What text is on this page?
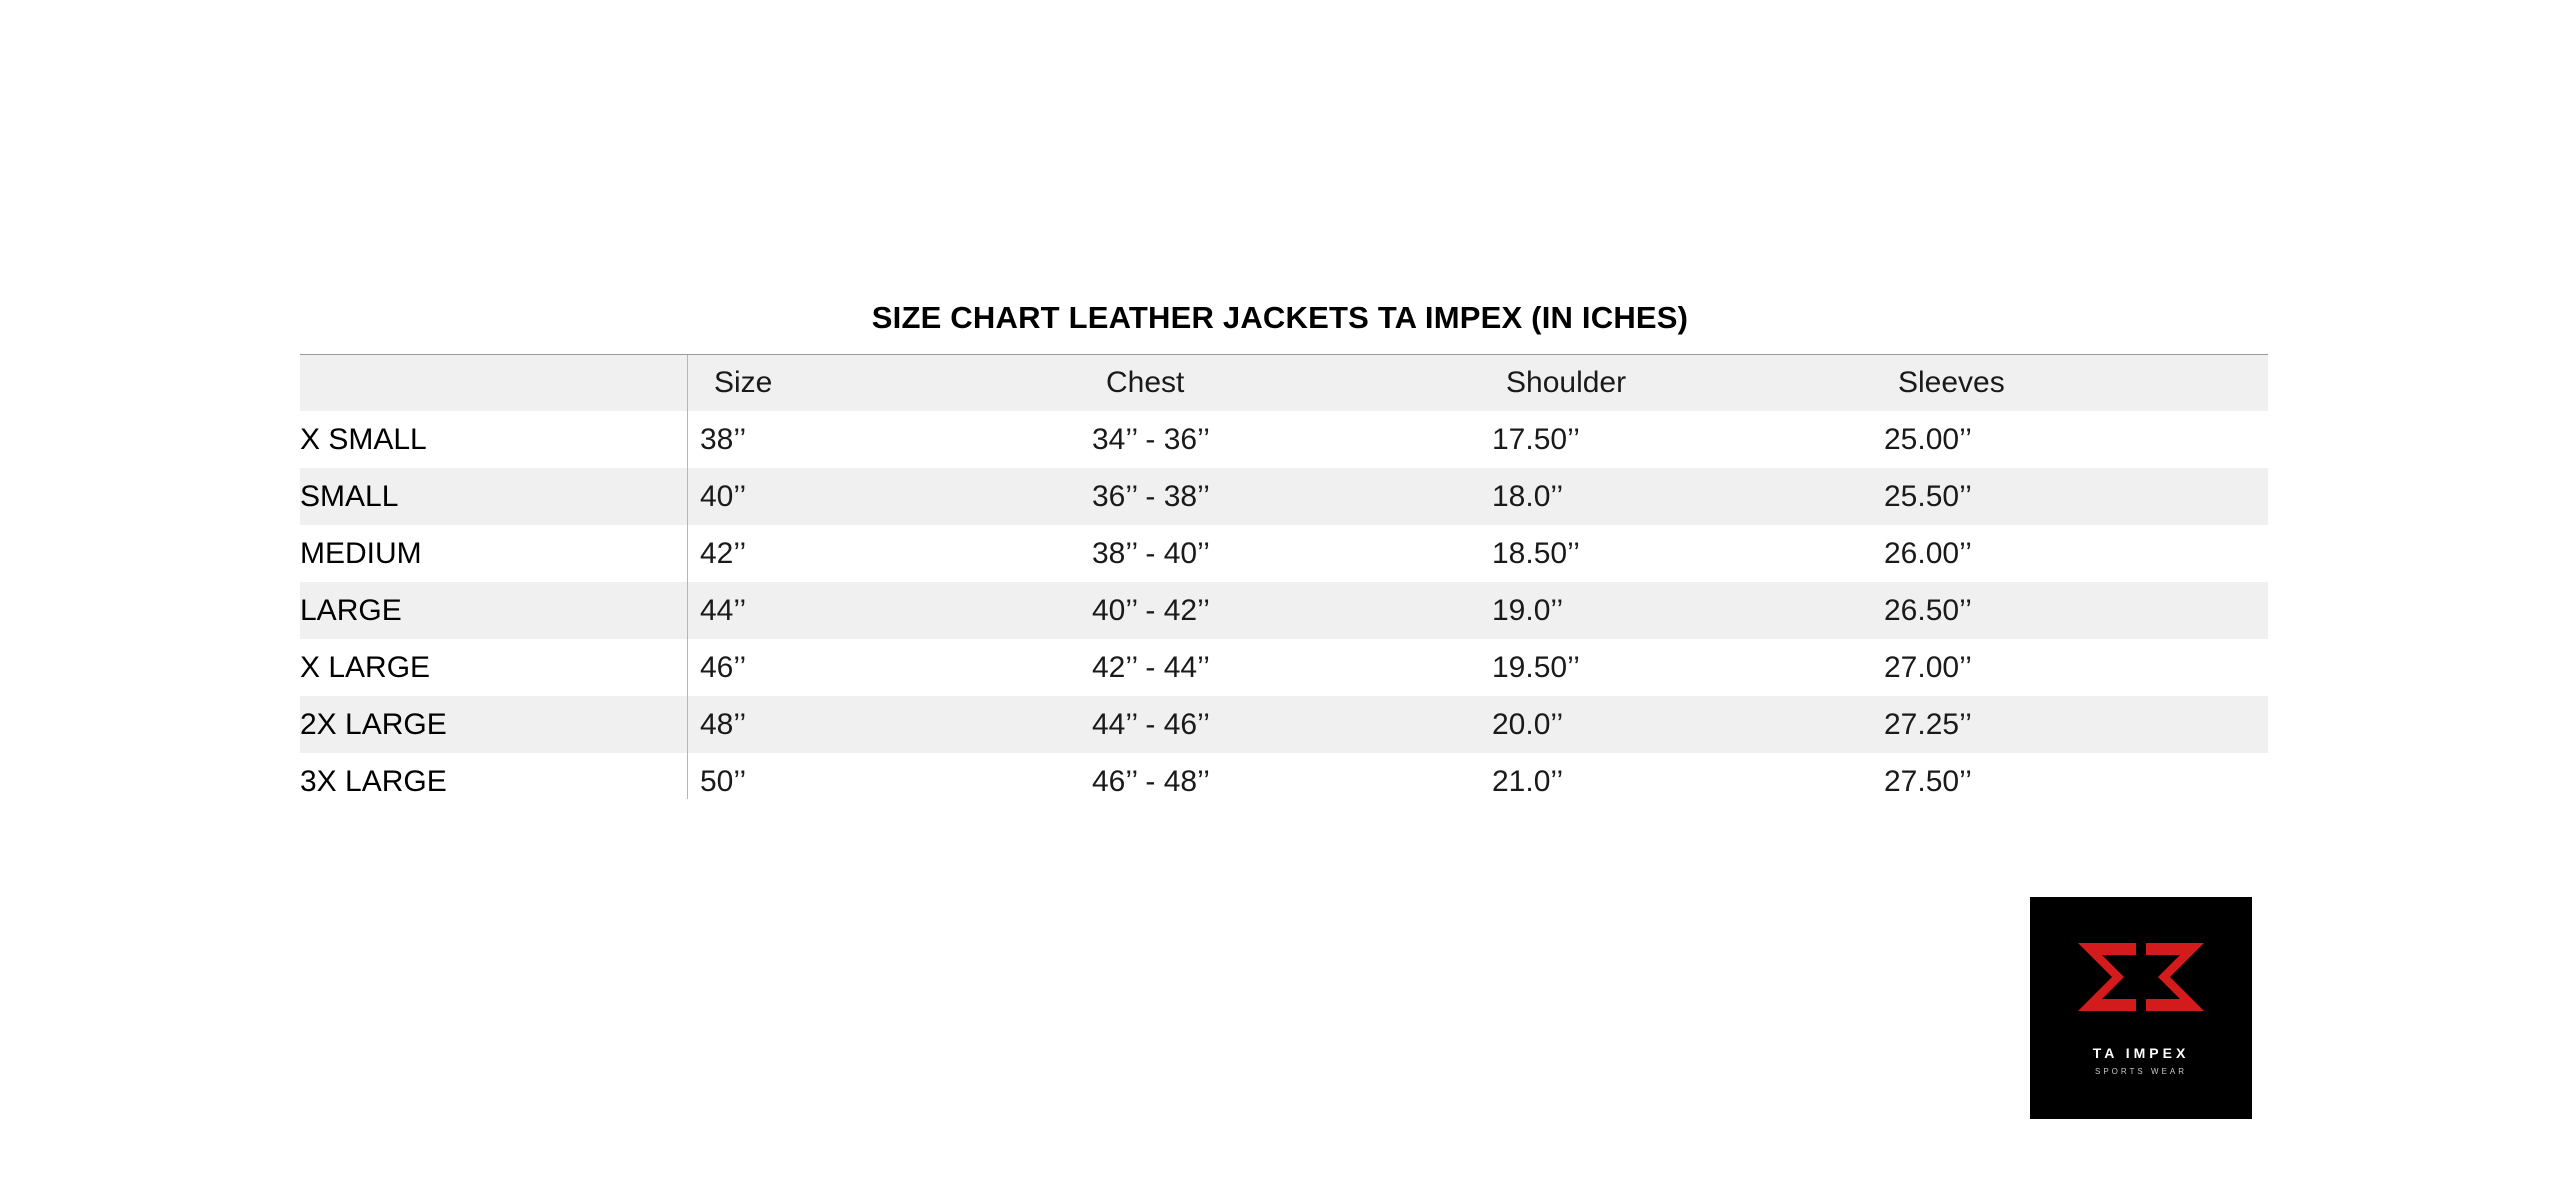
SIZE CHART LEATHER JACKETS TA IMPEX (IN ICHES)
	Size	Chest	Shoulder	Sleeves
X SMALL	38’’	34’’ - 36’’	17.50’’	25.00’’
SMALL	40’’	36’’ - 38’’	18.0’’	25.50’’
MEDIUM	42’’	38’’ - 40’’	18.50’’	26.00’’
LARGE	44’’	40’’ - 42’’	19.0’’	26.50’’
X LARGE	46’’	42’’ - 44’’	19.50’’	27.00’’
2X LARGE	48’’	44’’ - 46’’	20.0’’	27.25’’
3X LARGE	50’’	46’’ - 48’’	21.0’’	27.50’’
TA IMPEX
SPORTS WEAR
